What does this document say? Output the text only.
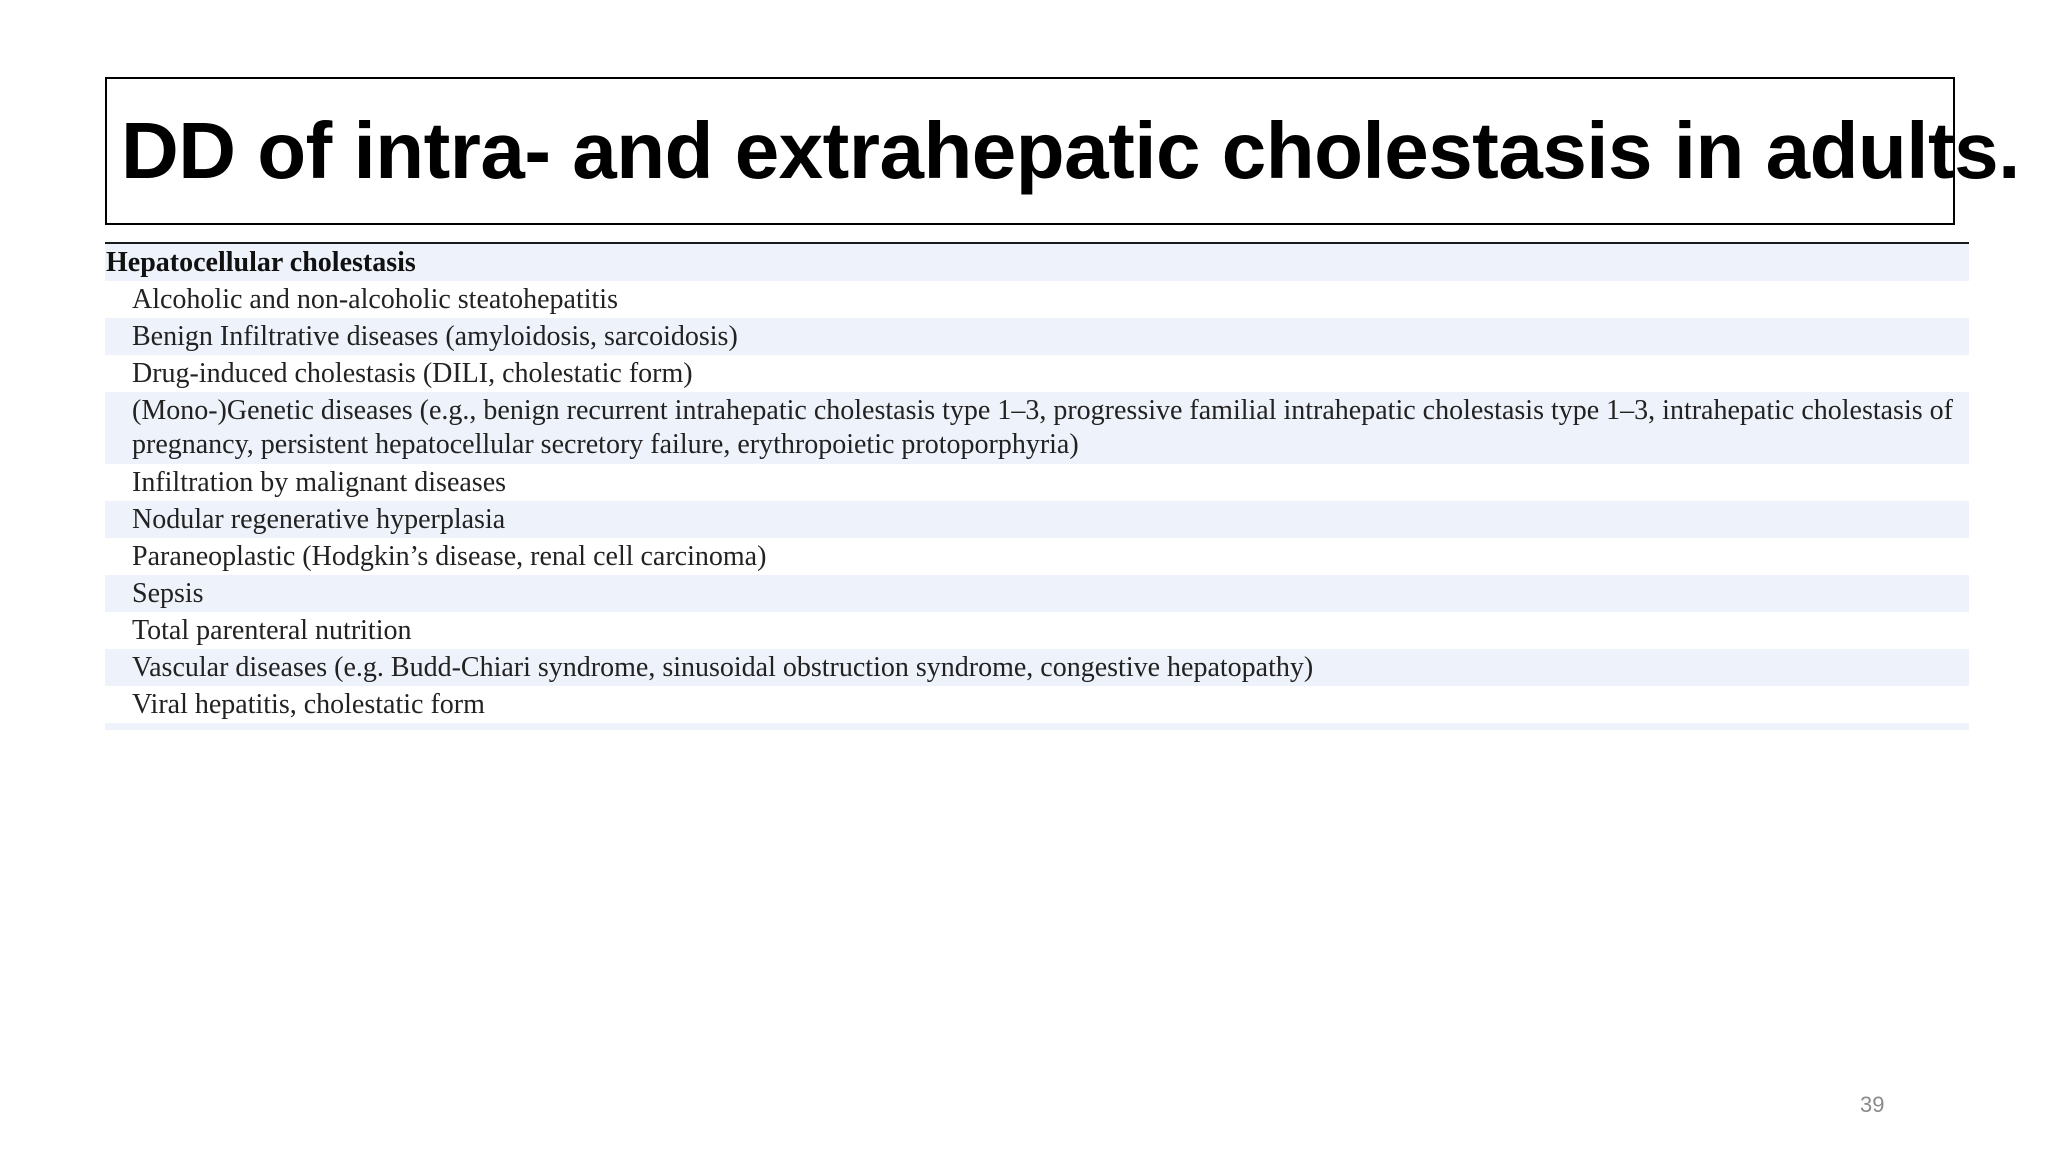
DD of intra- and extrahepatic cholestasis in adults.
Hepatocellular cholestasis
Alcoholic and non-alcoholic steatohepatitis
Benign Infiltrative diseases (amyloidosis, sarcoidosis)
Drug-induced cholestasis (DILI, cholestatic form)
(Mono-)Genetic diseases (e.g., benign recurrent intrahepatic cholestasis type 1–3, progressive familial intrahepatic cholestasis type 1–3, intrahepatic cholestasis of pregnancy, persistent hepatocellular secretory failure, erythropoietic protoporphyria)
Infiltration by malignant diseases
Nodular regenerative hyperplasia
Paraneoplastic (Hodgkin’s disease, renal cell carcinoma)
Sepsis
Total parenteral nutrition
Vascular diseases (e.g. Budd-Chiari syndrome, sinusoidal obstruction syndrome, congestive hepatopathy)
Viral hepatitis, cholestatic form
39
